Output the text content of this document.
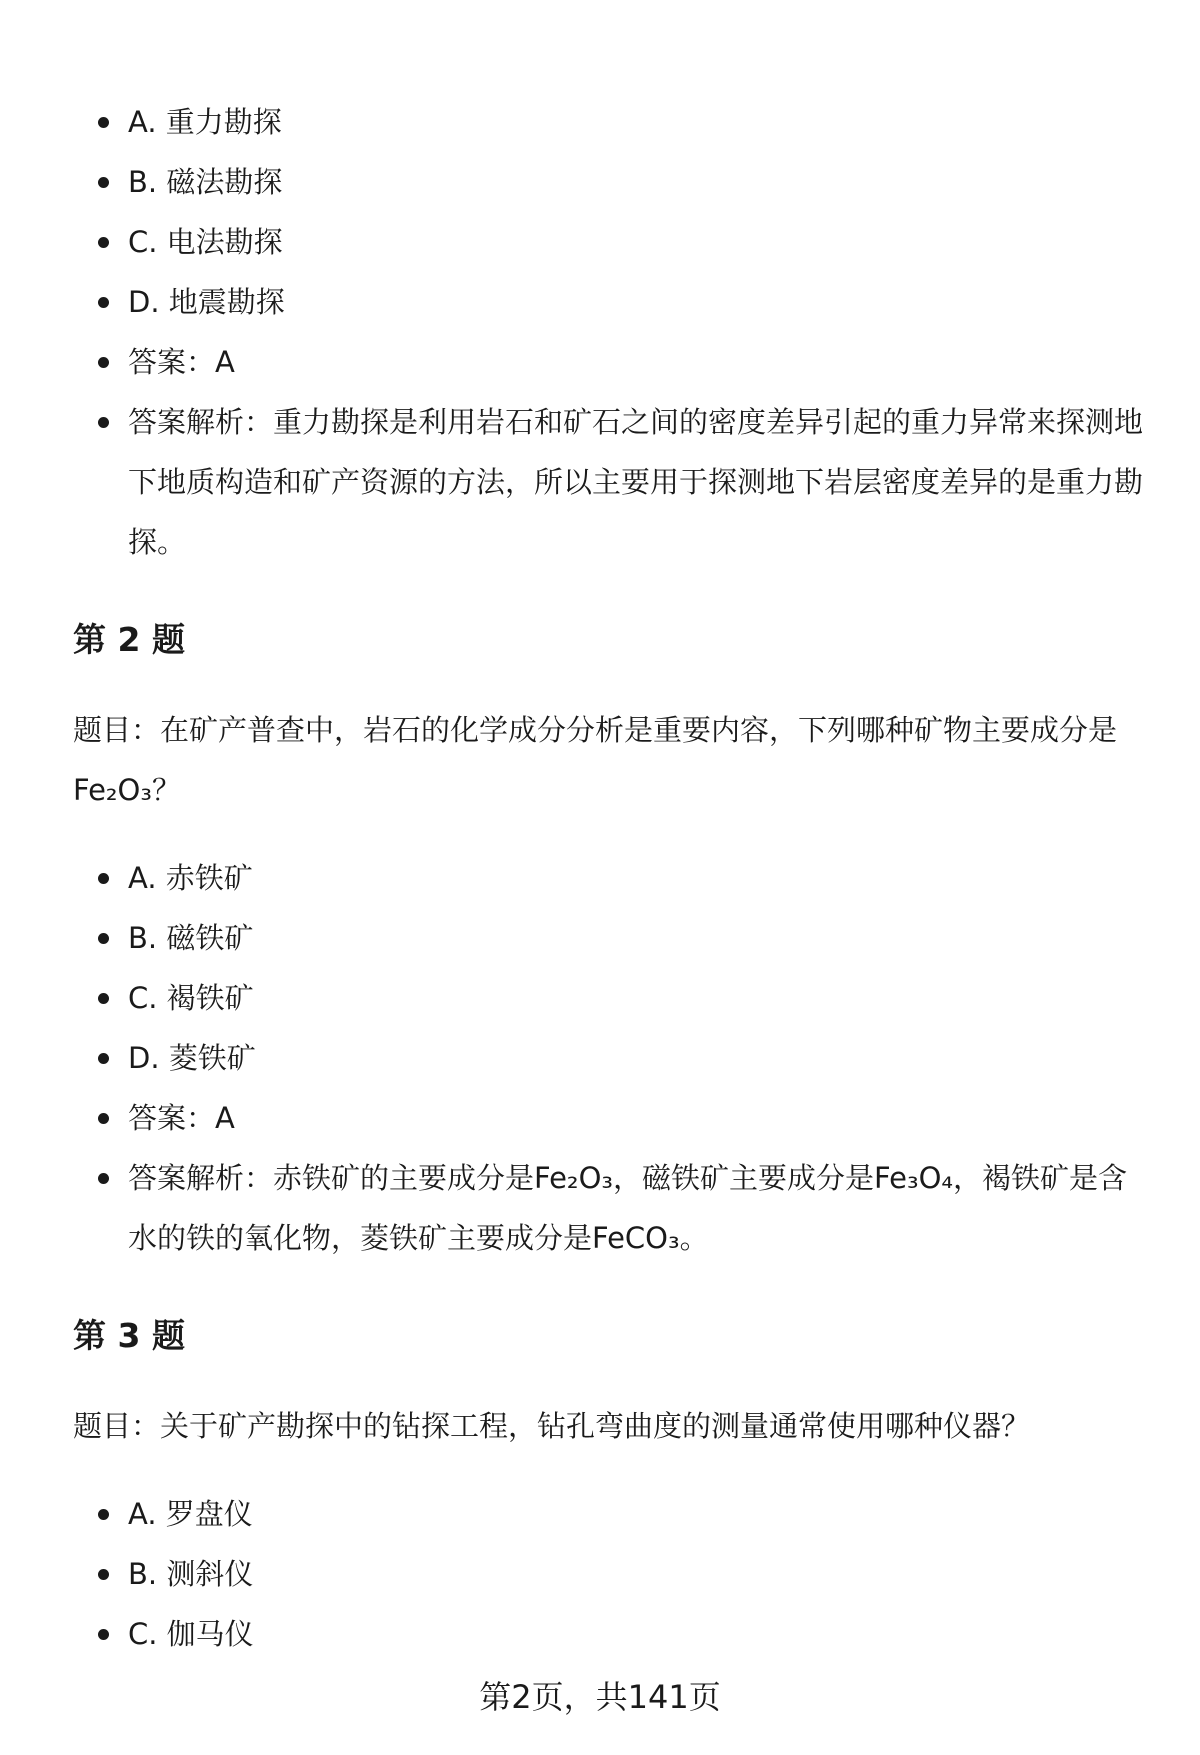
A. 重力勘探
B. 磁法勘探
C. 电法勘探
D. 地震勘探
答案：A
答案解析：重力勘探是利用岩石和矿石之间的密度差异引起的重力异常来探测地下地质构造和矿产资源的方法，所以主要用于探测地下岩层密度差异的是重力勘探。
第 2 题

题目：在矿产普查中，岩石的化学成分分析是重要内容，下列哪种矿物主要成分是Fe₂O₃？

A. 赤铁矿
B. 磁铁矿
C. 褐铁矿
D. 菱铁矿
答案：A
答案解析：赤铁矿的主要成分是Fe₂O₃，磁铁矿主要成分是Fe₃O₄，褐铁矿是含水的铁的氧化物，菱铁矿主要成分是FeCO₃。
第 3 题

题目：关于矿产勘探中的钻探工程，钻孔弯曲度的测量通常使用哪种仪器？

A. 罗盘仪
B. 测斜仪
C. 伽马仪
第2页，共141页
